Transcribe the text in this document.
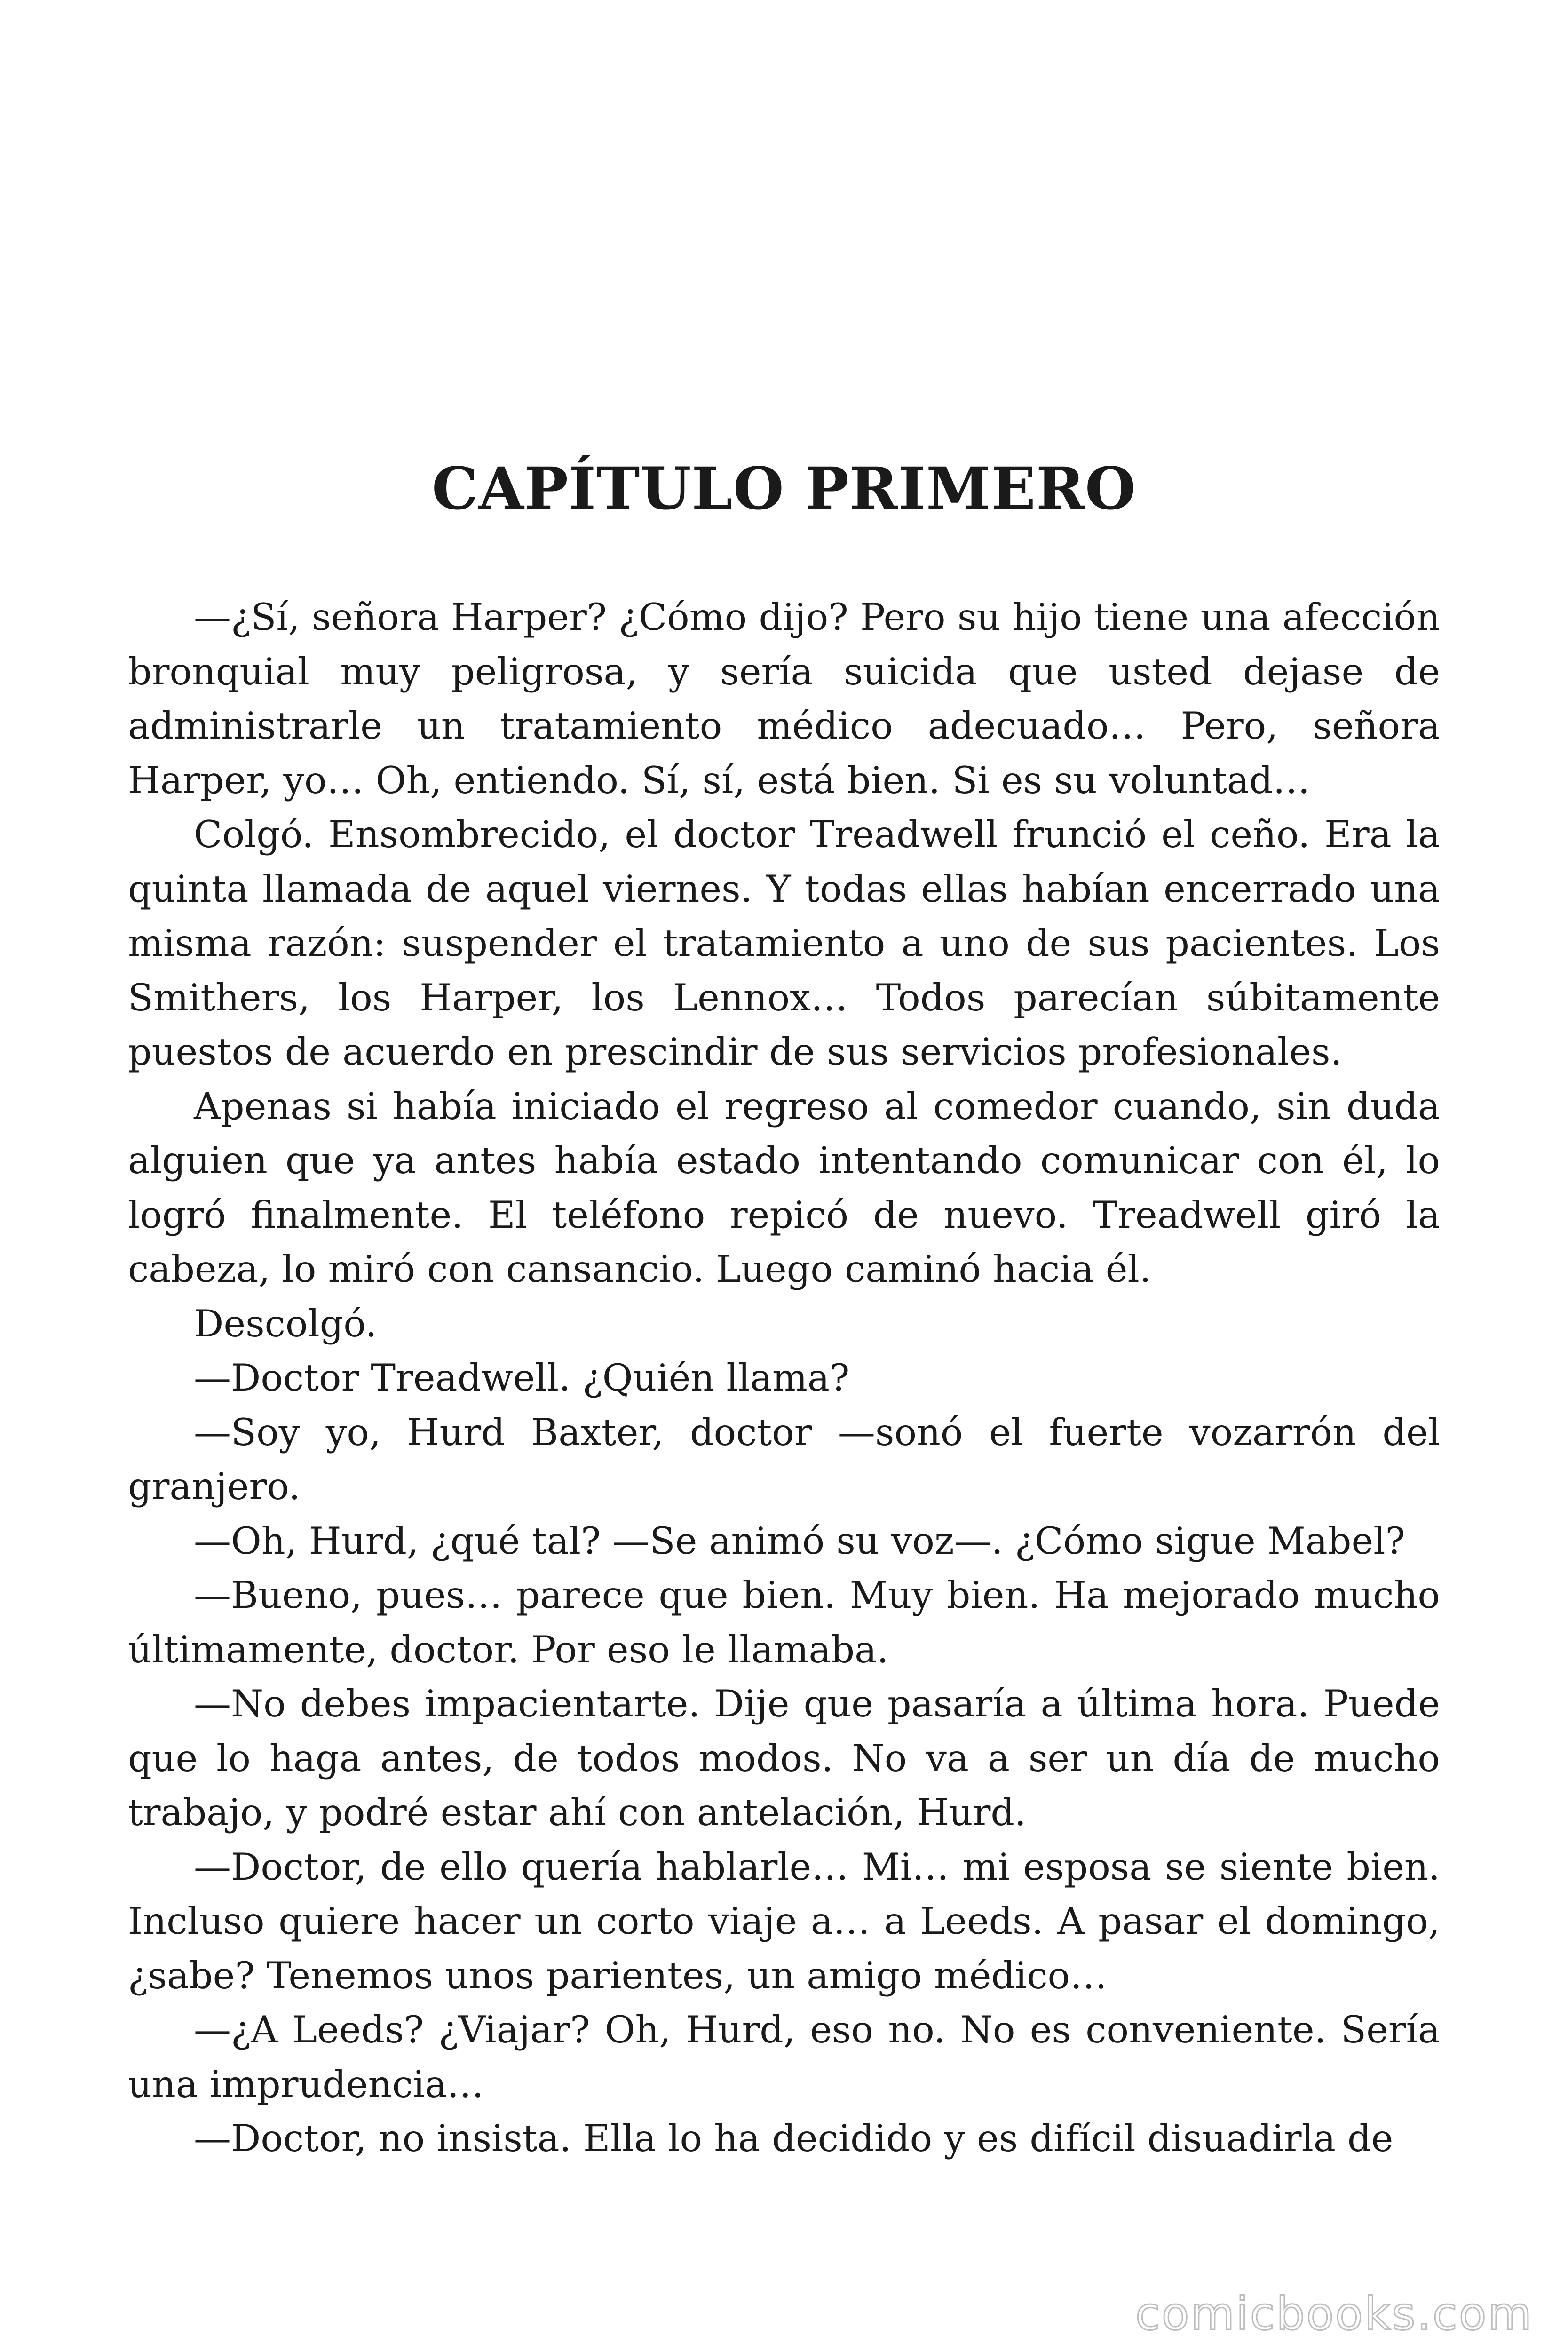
CAPÍTULO PRIMERO

—¿Sí, señora Harper? ¿Cómo dijo? Pero su hijo tiene una afección bronquial muy peligrosa, y sería suicida que usted dejase de administrarle un tratamiento médico adecuado… Pero, señora Harper, yo… Oh, entiendo. Sí, sí, está bien. Si es su voluntad…

Colgó. Ensombrecido, el doctor Treadwell frunció el ceño. Era la quinta llamada de aquel viernes. Y todas ellas habían encerrado una misma razón: suspender el tratamiento a uno de sus pacientes. Los Smithers, los Harper, los Lennox… Todos parecían súbitamente puestos de acuerdo en prescindir de sus servicios profesionales.

Apenas si había iniciado el regreso al comedor cuando, sin duda alguien que ya antes había estado intentando comunicar con él, lo logró finalmente. El teléfono repicó de nuevo. Treadwell giró la cabeza, lo miró con cansancio. Luego caminó hacia él.

Descolgó.

—Doctor Treadwell. ¿Quién llama?

—Soy yo, Hurd Baxter, doctor —sonó el fuerte vozarrón del granjero.

—Oh, Hurd, ¿qué tal? —Se animó su voz—. ¿Cómo sigue Mabel?

—Bueno, pues… parece que bien. Muy bien. Ha mejorado mucho últimamente, doctor. Por eso le llamaba.

—No debes impacientarte. Dije que pasaría a última hora. Puede que lo haga antes, de todos modos. No va a ser un día de mucho trabajo, y podré estar ahí con antelación, Hurd.

—Doctor, de ello quería hablarle… Mi… mi esposa se siente bien. Incluso quiere hacer un corto viaje a… a Leeds. A pasar el domingo, ¿sabe? Tenemos unos parientes, un amigo médico…

—¿A Leeds? ¿Viajar? Oh, Hurd, eso no. No es conveniente. Sería una imprudencia…

—Doctor, no insista. Ella lo ha decidido y es difícil disuadirla de

comicbooks.com
